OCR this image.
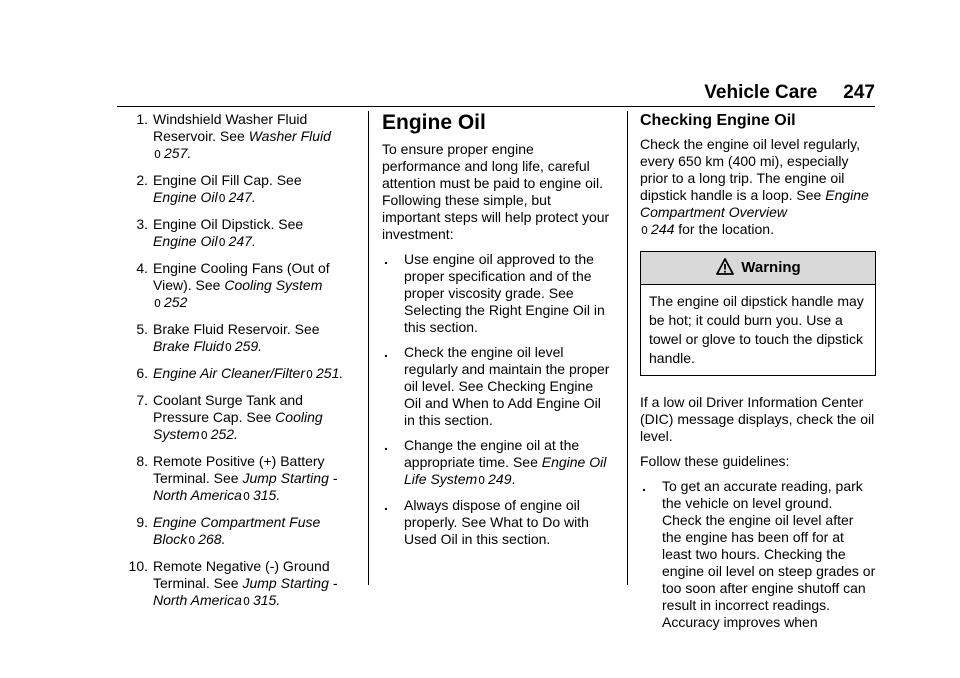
Vehicle Care 247
1. Windshield Washer Fluid Reservoir. See Washer Fluid
0 257.
2. Engine Oil Fill Cap. See
Engine Oil0 247.
3. Engine Oil Dipstick. See
Engine Oil0 247.
4. Engine Cooling Fans (Out of View). See Cooling System
0 252
5. Brake Fluid Reservoir. See
Brake Fluid0 259.
6. Engine Air Cleaner/Filter0 251.
7. Coolant Surge Tank and Pressure Cap. See Cooling System0 252.
8. Remote Positive (+) Battery Terminal. See Jump Starting - North America0 315.
9. Engine Compartment Fuse Block0 268.
10. Remote Negative (-) Ground Terminal. See Jump Starting - North America0 315.
Engine Oil

To ensure proper engine performance and long life, careful attention must be paid to engine oil. Following these simple, but important steps will help protect your investment:

. Use engine oil approved to the proper specification and of the proper viscosity grade. See Selecting the Right Engine Oil in this section.
. Check the engine oil level regularly and maintain the proper oil level. See Checking Engine Oil and When to Add Engine Oil in this section.
. Change the engine oil at the appropriate time. See Engine Oil Life System0 249.
. Always dispose of engine oil properly. See What to Do with Used Oil in this section.
Checking Engine Oil

Check the engine oil level regularly, every 650 km (400 mi), especially prior to a long trip. The engine oil dipstick handle is a loop. See Engine Compartment Overview
0 244 for the location.

Warning
The engine oil dipstick handle may be hot; it could burn you. Use a towel or glove to touch the dipstick handle.

If a low oil Driver Information Center (DIC) message displays, check the oil level.

Follow these guidelines:

. To get an accurate reading, park the vehicle on level ground. Check the engine oil level after the engine has been off for at least two hours. Checking the engine oil level on steep grades or too soon after engine shutoff can result in incorrect readings. Accuracy improves when
